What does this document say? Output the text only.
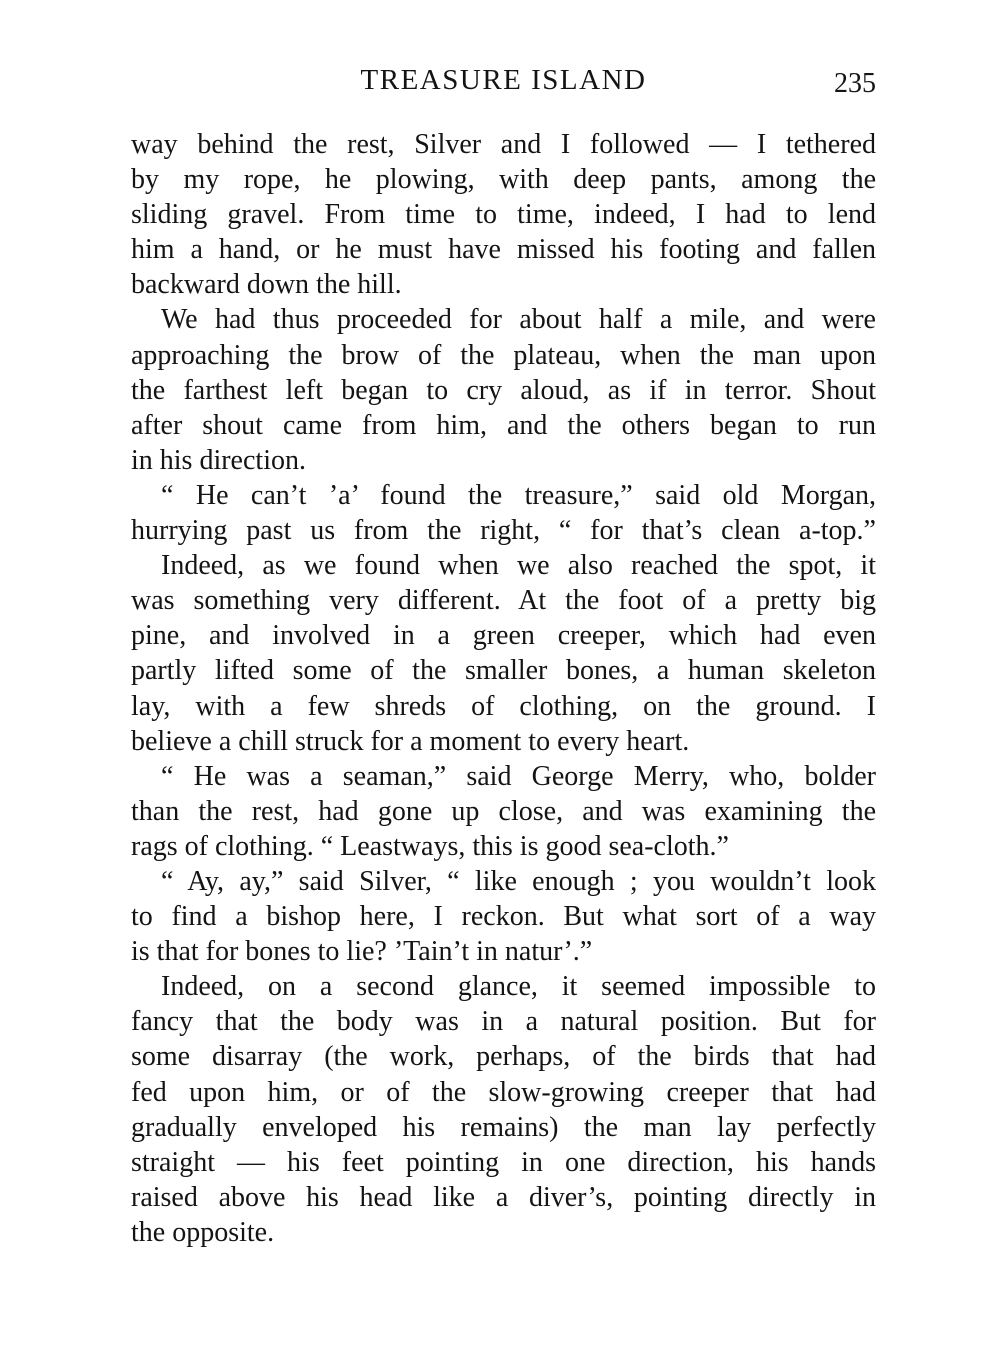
TREASURE ISLAND	235
way behind the rest, Silver and I followed — I tethered
by my rope, he plowing, with deep pants, among the
sliding gravel. From time to time, indeed, I had to lend
him a hand, or he must have missed his footing and fallen
backward down the hill.
We had thus proceeded for about half a mile, and were
approaching the brow of the plateau, when the man upon
the farthest left began to cry aloud, as if in terror. Shout
after shout came from him, and the others began to run
in his direction.
“ He can’t ’a’ found the treasure,” said old Morgan,
hurrying past us from the right, “ for that’s clean a-top.”
Indeed, as we found when we also reached the spot, it
was something very different. At the foot of a pretty big
pine, and involved in a green creeper, which had even
partly lifted some of the smaller bones, a human skeleton
lay, with a few shreds of clothing, on the ground. I
believe a chill struck for a moment to every heart.
“ He was a seaman,” said George Merry, who, bolder
than the rest, had gone up close, and was examining the
rags of clothing. “ Leastways, this is good sea-cloth.”
“ Ay, ay,” said Silver, “ like enough ; you wouldn’t look
to find a bishop here, I reckon. But what sort of a way
is that for bones to lie? ’Tain’t in natur’.”
Indeed, on a second glance, it seemed impossible to
fancy that the body was in a natural position. But for
some disarray (the work, perhaps, of the birds that had
fed upon him, or of the slow-growing creeper that had
gradually enveloped his remains) the man lay perfectly
straight — his feet pointing in one direction, his hands
raised above his head like a diver’s, pointing directly in
the opposite.
